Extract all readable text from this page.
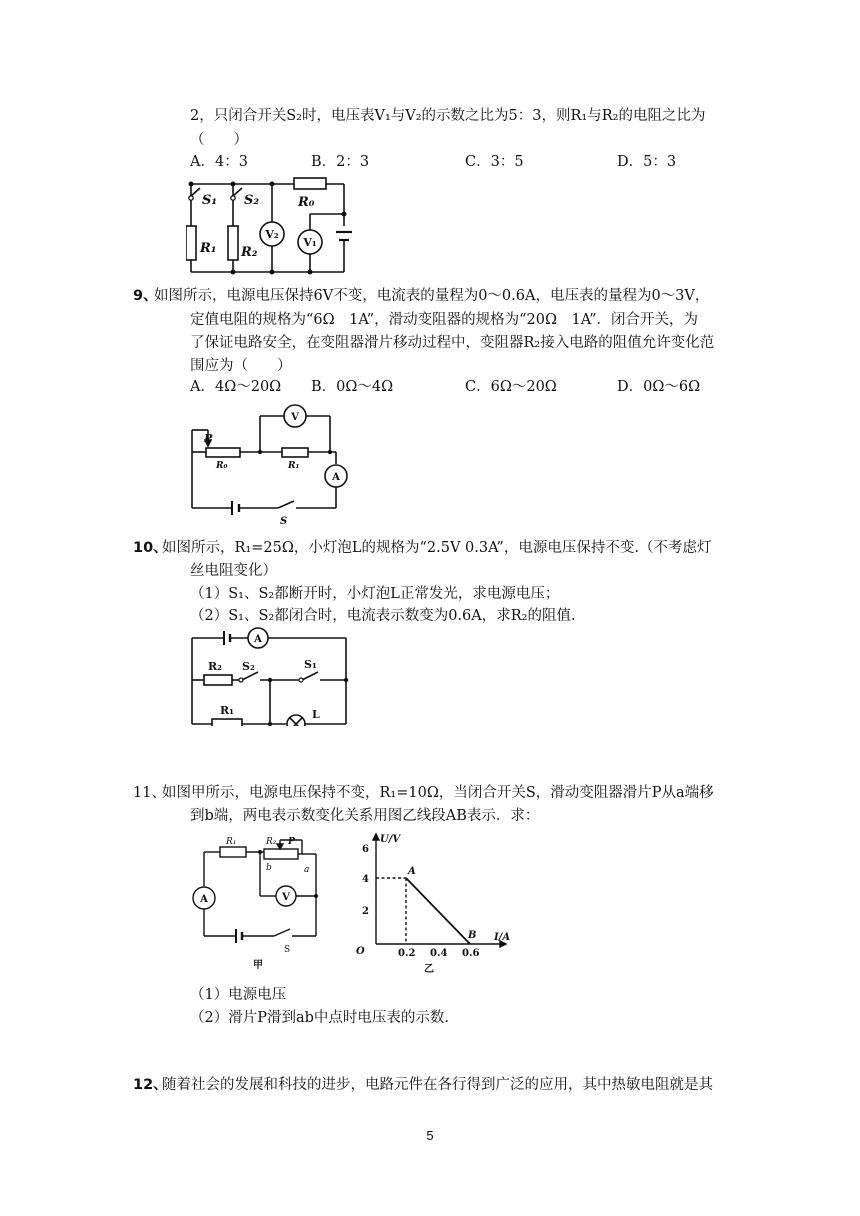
2，只闭合开关S₂时，电压表V₁与V₂的示数之比为5：3，则R₁与R₂的电阻之比为
（　　）
A．4：3	B．2：3	C．3：5	D．5：3
S₁ S₂	R₀
R₁ R₂
V₂
V₁
9、
如图所示，电源电压保持6V不变，电流表的量程为0～0.6A，电压表的量程为0～3V，
定值电阻的规格为“6Ω　1A”，滑动变阻器的规格为“20Ω　1A”．闭合开关，为
了保证电路安全，在变阻器滑片移动过程中，变阻器R₂接入电路的阻值允许变化范
围应为（　　）
A．4Ω～20Ω B．0Ω～4Ω	C．6Ω～20Ω	D．0Ω～6Ω
P
R₀	R₁
S
V
A
10、
如图所示，R₁=25Ω，小灯泡L的规格为“2.5V 0.3A”，电源电压保持不变.（不考虑灯
丝电阻变化）
（1）S₁、S₂都断开时，小灯泡L正常发光，求电源电压；
（2）S₁、S₂都闭合时，电流表示数变为0.6A，求R₂的阻值.
R₂ S₂	S₁
R₁	L
A
11、
如图甲所示，电源电压保持不变，R₁=10Ω，当闭合开关S，滑动变阻器滑片P从a端移
到b端，两电表示数变化关系用图乙线段AB表示．求：
R₁	R₂ P
b	a
S
A	V
甲
U/V
I/A
O
2
4
6
0.2 0.4 0.6
A
B
乙
（1）电源电压
（2）滑片P滑到ab中点时电压表的示数.
12、
随着社会的发展和科技的进步，电路元件在各行得到广泛的应用，其中热敏电阻就是其
5
